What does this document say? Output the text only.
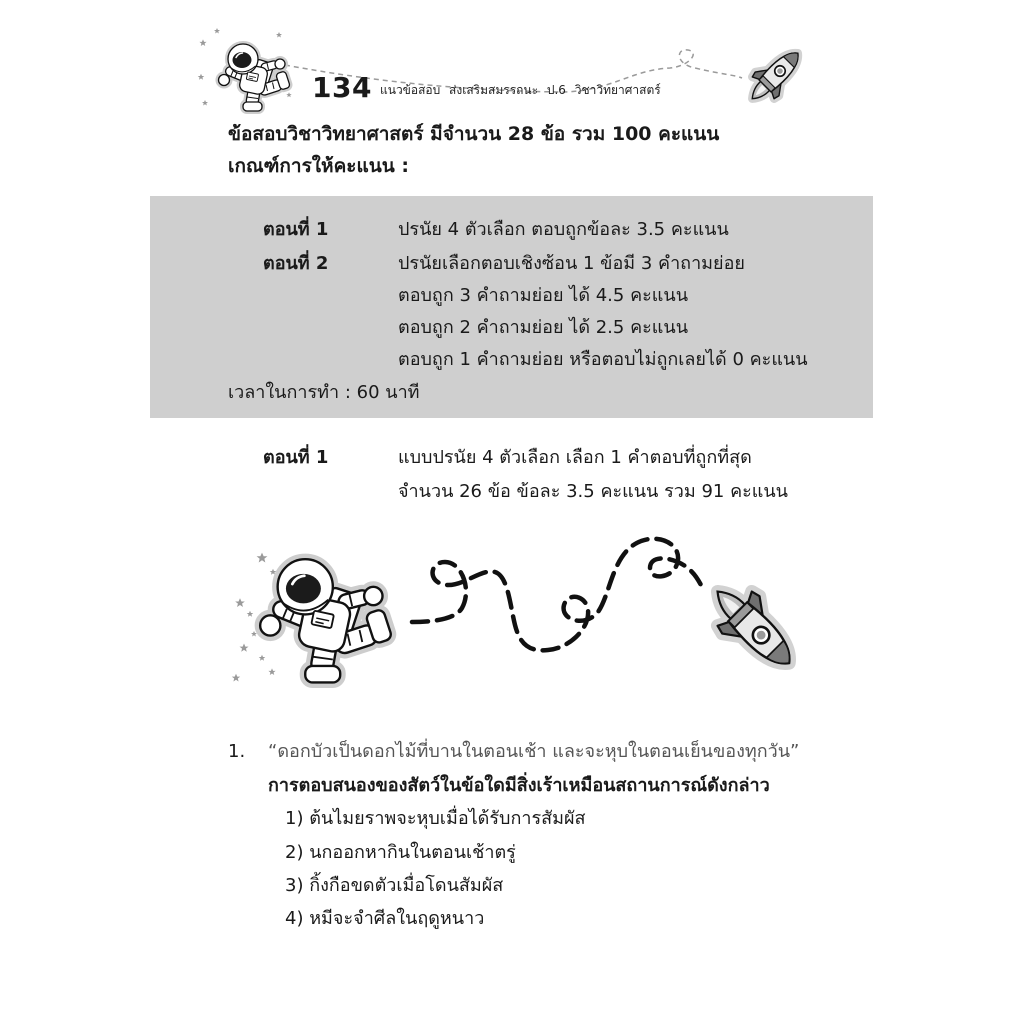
134 แนวข้อสอบ ส่งเสริมสมรรถนะ ป.6 วิชาวิทยาศาสตร์
ข้อสอบวิชาวิทยาศาสตร์ มีจำนวน 28 ข้อ รวม 100 คะแนน
เกณฑ์การให้คะแนน :
ตอนที่ 1	ปรนัย 4 ตัวเลือก ตอบถูกข้อละ 3.5 คะแนน
ตอนที่ 2	ปรนัยเลือกตอบเชิงซ้อน 1 ข้อมี 3 คำถามย่อย
ตอบถูก 3 คำถามย่อย ได้ 4.5 คะแนน
ตอบถูก 2 คำถามย่อย ได้ 2.5 คะแนน
ตอบถูก 1 คำถามย่อย หรือตอบไม่ถูกเลยได้ 0 คะแนน
เวลาในการทำ : 60 นาที
ตอนที่ 1	แบบปรนัย 4 ตัวเลือก เลือก 1 คำตอบที่ถูกที่สุด
จำนวน 26 ข้อ ข้อละ 3.5 คะแนน รวม 91 คะแนน
1. “ดอกบัวเป็นดอกไม้ที่บานในตอนเช้า และจะหุบในตอนเย็นของทุกวัน”
การตอบสนองของสัตว์ในข้อใดมีสิ่งเร้าเหมือนสถานการณ์ดังกล่าว
1) ต้นไมยราพจะหุบเมื่อได้รับการสัมผัส
2) นกออกหากินในตอนเช้าตรู่
3) กิ้งกือขดตัวเมื่อโดนสัมผัส
4) หมีจะจำศีลในฤดูหนาว
